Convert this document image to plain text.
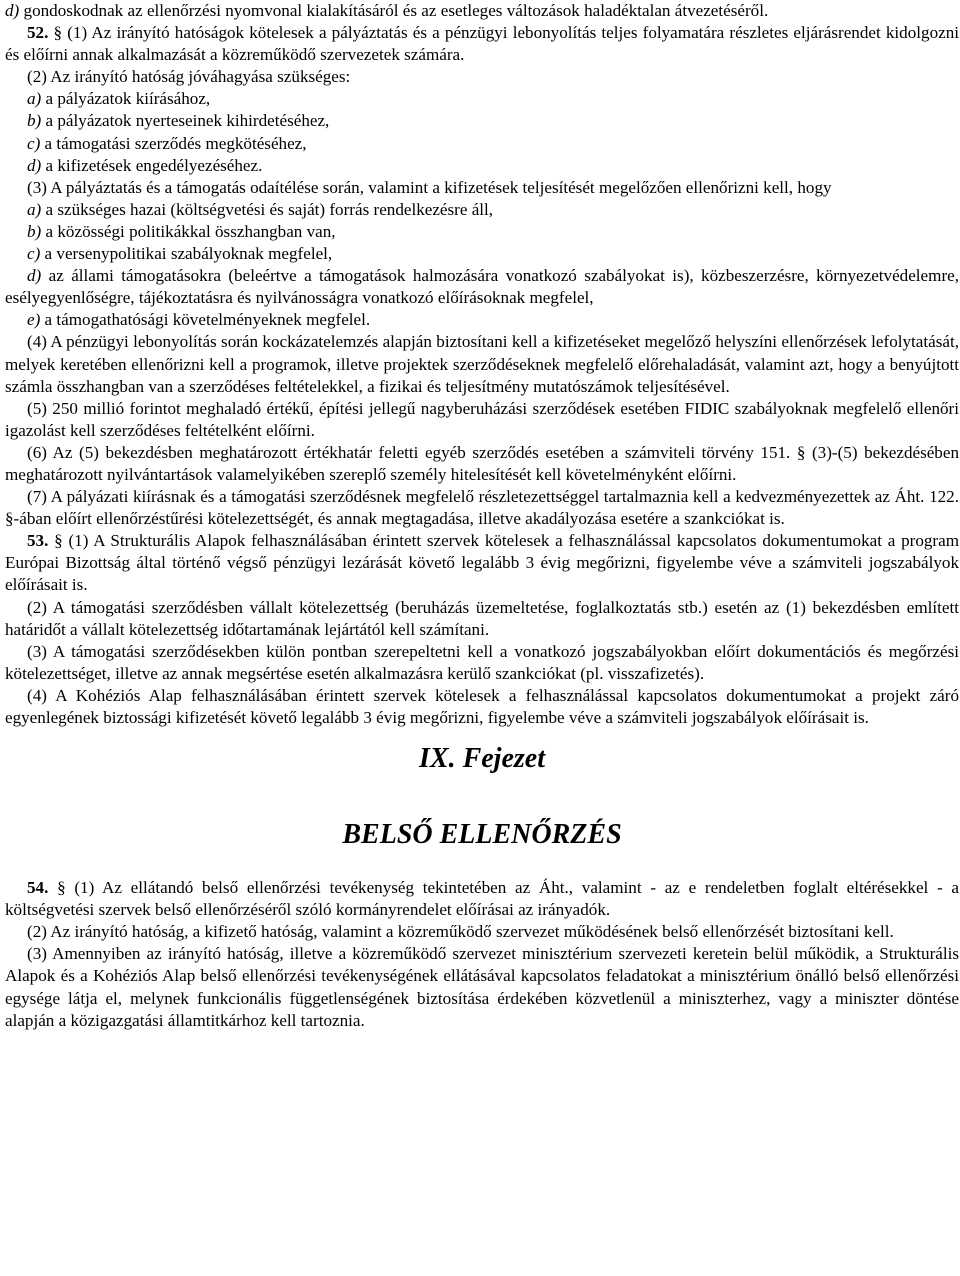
d) gondoskodnak az ellenőrzési nyomvonal kialakításáról és az esetleges változások haladéktalan átvezetéséről.

52. § (1) Az irányító hatóságok kötelesek a pályáztatás és a pénzügyi lebonyolítás teljes folyamatára részletes eljárásrendet kidolgozni és előírni annak alkalmazását a közreműködő szervezetek számára.

(2) Az irányító hatóság jóváhagyása szükséges:

a) a pályázatok kiírásához,

b) a pályázatok nyerteseinek kihirdetéséhez,

c) a támogatási szerződés megkötéséhez,

d) a kifizetések engedélyezéséhez.

(3) A pályáztatás és a támogatás odaítélése során, valamint a kifizetések teljesítését megelőzően ellenőrizni kell, hogy

a) a szükséges hazai (költségvetési és saját) forrás rendelkezésre áll,

b) a közösségi politikákkal összhangban van,

c) a versenypolitikai szabályoknak megfelel,

d) az állami támogatásokra (beleértve a támogatások halmozására vonatkozó szabályokat is), közbeszerzésre, környezetvédelemre, esélyegyenlőségre, tájékoztatásra és nyilvánosságra vonatkozó előírásoknak megfelel,

e) a támogathatósági követelményeknek megfelel.

(4) A pénzügyi lebonyolítás során kockázatelemzés alapján biztosítani kell a kifizetéseket megelőző helyszíni ellenőrzések lefolytatását, melyek keretében ellenőrizni kell a programok, illetve projektek szerződéseknek megfelelő előrehaladását, valamint azt, hogy a benyújtott számla összhangban van a szerződéses feltételekkel, a fizikai és teljesítmény mutatószámok teljesítésével.

(5) 250 millió forintot meghaladó értékű, építési jellegű nagyberuházási szerződések esetében FIDIC szabályoknak megfelelő ellenőri igazolást kell szerződéses feltételként előírni.

(6) Az (5) bekezdésben meghatározott értékhatár feletti egyéb szerződés esetében a számviteli törvény 151. § (3)-(5) bekezdésében meghatározott nyilvántartások valamelyikében szereplő személy hitelesítését kell követelményként előírni.

(7) A pályázati kiírásnak és a támogatási szerződésnek megfelelő részletezettséggel tartalmaznia kell a kedvezményezettek az Áht. 122. §-ában előírt ellenőrzéstűrési kötelezettségét, és annak megtagadása, illetve akadályozása esetére a szankciókat is.

53. § (1) A Strukturális Alapok felhasználásában érintett szervek kötelesek a felhasználással kapcsolatos dokumentumokat a program Európai Bizottság által történő végső pénzügyi lezárását követő legalább 3 évig megőrizni, figyelembe véve a számviteli jogszabályok előírásait is.

(2) A támogatási szerződésben vállalt kötelezettség (beruházás üzemeltetése, foglalkoztatás stb.) esetén az (1) bekezdésben említett határidőt a vállalt kötelezettség időtartamának lejártától kell számítani.

(3) A támogatási szerződésekben külön pontban szerepeltetni kell a vonatkozó jogszabályokban előírt dokumentációs és megőrzési kötelezettséget, illetve az annak megsértése esetén alkalmazásra kerülő szankciókat (pl. visszafizetés).

(4) A Kohéziós Alap felhasználásában érintett szervek kötelesek a felhasználással kapcsolatos dokumentumokat a projekt záró egyenlegének biztossági kifizetését követő legalább 3 évig megőrizni, figyelembe véve a számviteli jogszabályok előírásait is.

IX. Fejezet

BELSŐ ELLENŐRZÉS

54. § (1) Az ellátandó belső ellenőrzési tevékenység tekintetében az Áht., valamint - az e rendeletben foglalt eltérésekkel - a költségvetési szervek belső ellenőrzéséről szóló kormányrendelet előírásai az irányadók.

(2) Az irányító hatóság, a kifizető hatóság, valamint a közreműködő szervezet működésének belső ellenőrzését biztosítani kell.

(3) Amennyiben az irányító hatóság, illetve a közreműködő szervezet minisztérium szervezeti keretein belül működik, a Strukturális Alapok és a Kohéziós Alap belső ellenőrzési tevékenységének ellátásával kapcsolatos feladatokat a minisztérium önálló belső ellenőrzési egysége látja el, melynek funkcionális függetlenségének biztosítása érdekében közvetlenül a miniszterhez, vagy a miniszter döntése alapján a közigazgatási államtitkárhoz kell tartoznia.
